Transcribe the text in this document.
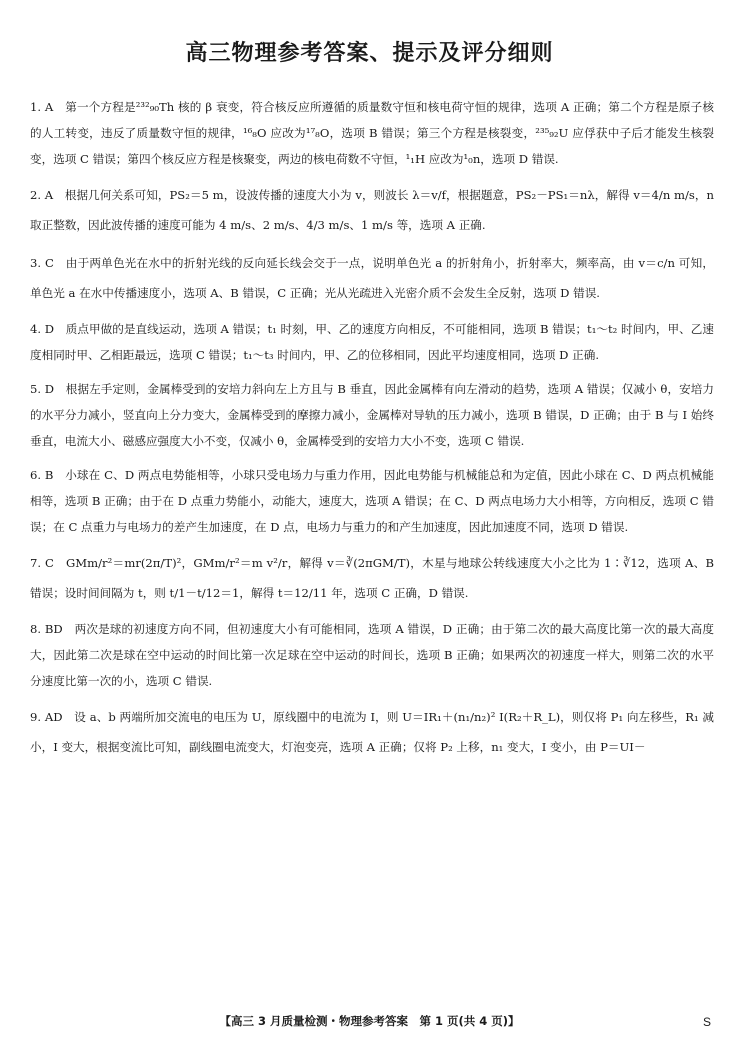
高三物理参考答案、提示及评分细则
1. A　第一个方程是²³²₉₀Th 核的 β 衰变，符合核反应所遵循的质量数守恒和核电荷守恒的规律，选项 A 正确；第二个方程是原子核的人工转变，违反了质量数守恒的规律，¹⁶₈O 应改为¹⁷₈O，选项 B 错误；第三个方程是核裂变，²³⁵₉₂U 应俘获中子后才能发生核裂变，选项 C 错误；第四个核反应方程是核聚变，两边的核电荷数不守恒，¹₁H 应改为¹₀n，选项 D 错误.
2. A　根据几何关系可知，PS₂＝5 m，设波传播的速度大小为 v，则波长 λ＝v/f，根据题意，PS₂－PS₁＝nλ，解得 v＝4/n m/s，n 取正整数，因此波传播的速度可能为 4 m/s、2 m/s、4/3 m/s、1 m/s 等，选项 A 正确.
3. C　由于两单色光在水中的折射光线的反向延长线会交于一点，说明单色光 a 的折射角小，折射率大，频率高，由 v＝c/n 可知，单色光 a 在水中传播速度小，选项 A、B 错误，C 正确；光从光疏进入光密介质不会发生全反射，选项 D 错误.
4. D　质点甲做的是直线运动，选项 A 错误；t₁ 时刻，甲、乙的速度方向相反，不可能相同，选项 B 错误；t₁～t₂ 时间内，甲、乙速度相同时甲、乙相距最远，选项 C 错误；t₁～t₃ 时间内，甲、乙的位移相同，因此平均速度相同，选项 D 正确.
5. D　根据左手定则，金属棒受到的安培力斜向左上方且与 B 垂直，因此金属棒有向左滑动的趋势，选项 A 错误；仅减小 θ，安培力的水平分力减小，竖直向上分力变大，金属棒受到的摩擦力减小，金属棒对导轨的压力减小，选项 B 错误，D 正确；由于 B 与 I 始终垂直，电流大小、磁感应强度大小不变，仅减小 θ，金属棒受到的安培力大小不变，选项 C 错误.
6. B　小球在 C、D 两点电势能相等，小球只受电场力与重力作用，因此电势能与机械能总和为定值，因此小球在 C、D 两点机械能相等，选项 B 正确；由于在 D 点重力势能小，动能大，速度大，选项 A 错误；在 C、D 两点电场力大小相等，方向相反，选项 C 错误；在 C 点重力与电场力的差产生加速度，在 D 点，电场力与重力的和产生加速度，因此加速度不同，选项 D 错误.
7. C　GMm/r²＝mr(2π/T)²，GMm/r²＝m v²/r，解得 v＝∛(2πGM/T)，木星与地球公转线速度大小之比为 1∶∛12，选项 A、B 错误；设时间间隔为 t，则 t/1－t/12＝1，解得 t＝12/11 年，选项 C 正确，D 错误.
8. BD　两次是球的初速度方向不同，但初速度大小有可能相同，选项 A 错误，D 正确；由于第二次的最大高度比第一次的最大高度大，因此第二次是球在空中运动的时间比第一次足球在空中运动的时间长，选项 B 正确；如果两次的初速度一样大，则第二次的水平分速度比第一次的小，选项 C 错误.
9. AD　设 a、b 两端所加交流电的电压为 U，原线圈中的电流为 I，则 U＝IR₁＋(n₁/n₂)² I(R₂＋R_L)，则仅将 P₁ 向左移些，R₁ 减小，I 变大，根据变流比可知，副线圈电流变大，灯泡变亮，选项 A 正确；仅将 P₂ 上移，n₁ 变大，I 变小，由 P＝UI－
【高三 3 月质量检测・物理参考答案　第 1 页(共 4 页)】	S
